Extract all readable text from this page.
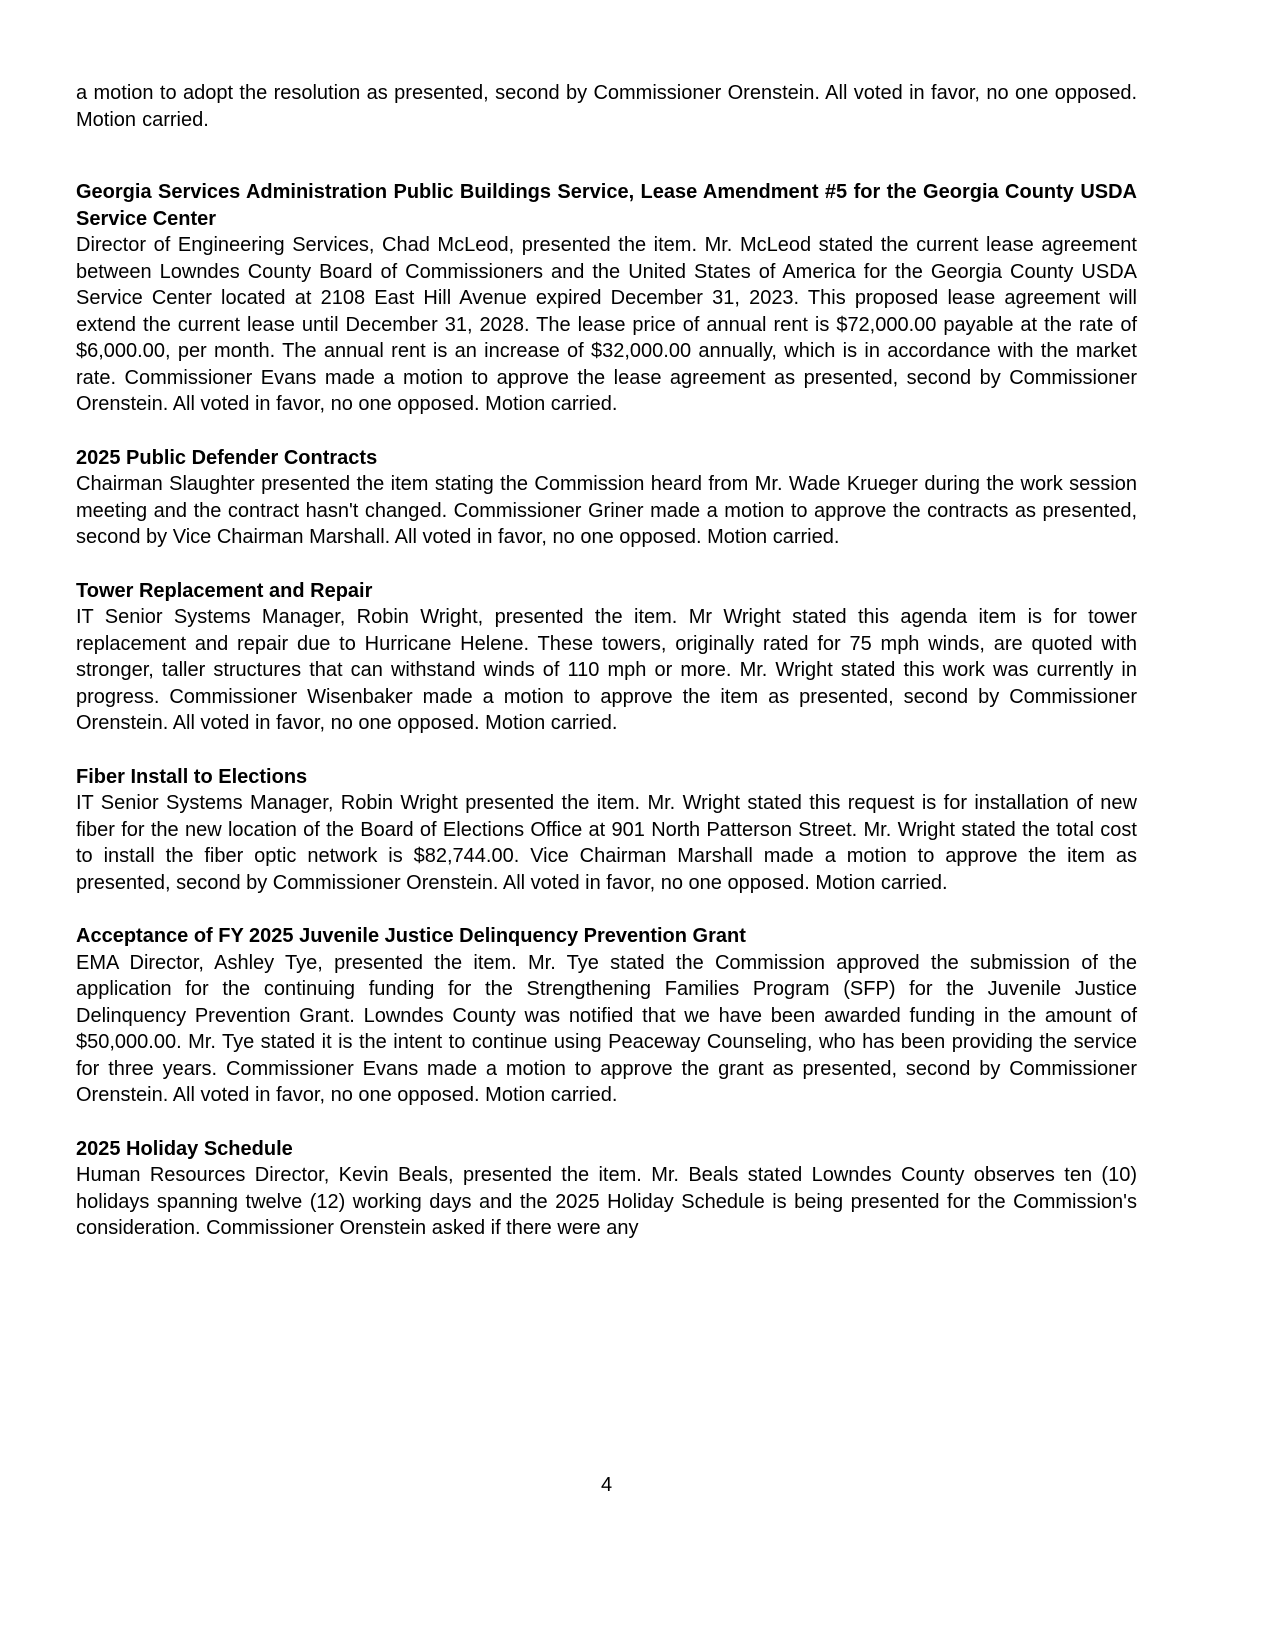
a motion to adopt the resolution as presented, second by Commissioner Orenstein. All voted in favor, no one opposed. Motion carried.

Georgia Services Administration Public Buildings Service, Lease Amendment #5 for the Georgia County USDA Service Center
Director of Engineering Services, Chad McLeod, presented the item. Mr. McLeod stated the current lease agreement between Lowndes County Board of Commissioners and the United States of America for the Georgia County USDA Service Center located at 2108 East Hill Avenue expired December 31, 2023. This proposed lease agreement will extend the current lease until December 31, 2028. The lease price of annual rent is $72,000.00 payable at the rate of $6,000.00, per month. The annual rent is an increase of $32,000.00 annually, which is in accordance with the market rate. Commissioner Evans made a motion to approve the lease agreement as presented, second by Commissioner Orenstein. All voted in favor, no one opposed. Motion carried.
2025 Public Defender Contracts
Chairman Slaughter presented the item stating the Commission heard from Mr. Wade Krueger during the work session meeting and the contract hasn't changed. Commissioner Griner made a motion to approve the contracts as presented, second by Vice Chairman Marshall. All voted in favor, no one opposed. Motion carried.
Tower Replacement and Repair
IT Senior Systems Manager, Robin Wright, presented the item. Mr Wright stated this agenda item is for tower replacement and repair due to Hurricane Helene. These towers, originally rated for 75 mph winds, are quoted with stronger, taller structures that can withstand winds of 110 mph or more. Mr. Wright stated this work was currently in progress. Commissioner Wisenbaker made a motion to approve the item as presented, second by Commissioner Orenstein. All voted in favor, no one opposed. Motion carried.
Fiber Install to Elections
IT Senior Systems Manager, Robin Wright presented the item. Mr. Wright stated this request is for installation of new fiber for the new location of the Board of Elections Office at 901 North Patterson Street. Mr. Wright stated the total cost to install the fiber optic network is $82,744.00. Vice Chairman Marshall made a motion to approve the item as presented, second by Commissioner Orenstein. All voted in favor, no one opposed. Motion carried.
Acceptance of FY 2025 Juvenile Justice Delinquency Prevention Grant
EMA Director, Ashley Tye, presented the item. Mr. Tye stated the Commission approved the submission of the application for the continuing funding for the Strengthening Families Program (SFP) for the Juvenile Justice Delinquency Prevention Grant. Lowndes County was notified that we have been awarded funding in the amount of $50,000.00. Mr. Tye stated it is the intent to continue using Peaceway Counseling, who has been providing the service for three years. Commissioner Evans made a motion to approve the grant as presented, second by Commissioner Orenstein. All voted in favor, no one opposed. Motion carried.
2025 Holiday Schedule
Human Resources Director, Kevin Beals, presented the item. Mr. Beals stated Lowndes County observes ten (10) holidays spanning twelve (12) working days and the 2025 Holiday Schedule is being presented for the Commission's consideration. Commissioner Orenstein asked if there were any
4
